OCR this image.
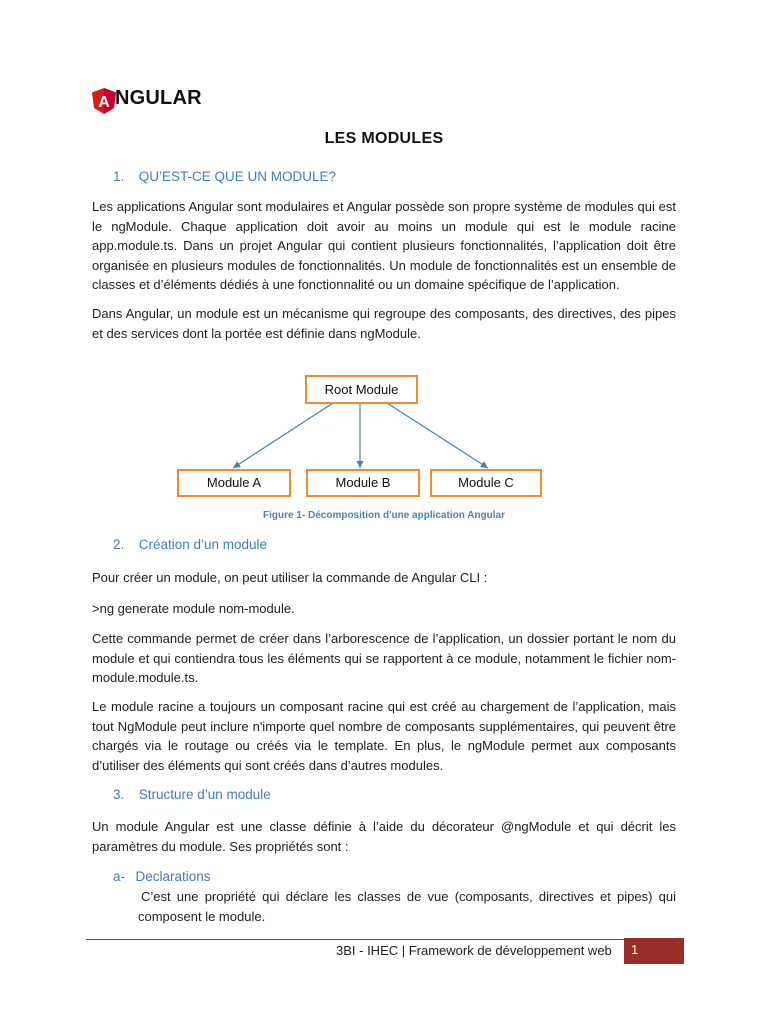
A NGULAR
LES MODULES
1. QU’EST-CE QUE UN MODULE?
Les applications Angular sont modulaires et Angular possède son propre système de modules qui est le ngModule. Chaque application doit avoir au moins un module qui est le module racine app.module.ts. Dans un projet Angular qui contient plusieurs fonctionnalités, l’application doit être organisée en plusieurs modules de fonctionnalités. Un module de fonctionnalités est un ensemble de classes et d’éléments dédiés à une fonctionnalité ou un domaine spécifique de l’application.
Dans Angular, un module est un mécanisme qui regroupe des composants, des directives, des pipes et des services dont la portée est définie dans ngModule.
Root Module
Module A	Module B	Module C
Figure 1- Décomposition d'une application Angular
2. Création d’un module
Pour créer un module, on peut utiliser la commande de Angular CLI :
>ng generate module nom-module.
Cette commande permet de créer dans l’arborescence de l’application, un dossier portant le nom du module et qui contiendra tous les éléments qui se rapportent à ce module, notamment le fichier nom-module.module.ts.
Le module racine a toujours un composant racine qui est créé au chargement de l’application, mais tout NgModule peut inclure n'importe quel nombre de composants supplémentaires, qui peuvent être chargés via le routage ou créés via le template. En plus, le ngModule permet aux composants d’utiliser des éléments qui sont créés dans d’autres modules.
3. Structure d’un module
Un module Angular est une classe définie à l’aide du décorateur @ngModule et qui décrit les paramètres du module. Ses propriétés sont :
a- Declarations
C’est une propriété qui déclare les classes de vue (composants, directives et pipes) qui composent le module.
3BI - IHEC | Framework de développement web 1
